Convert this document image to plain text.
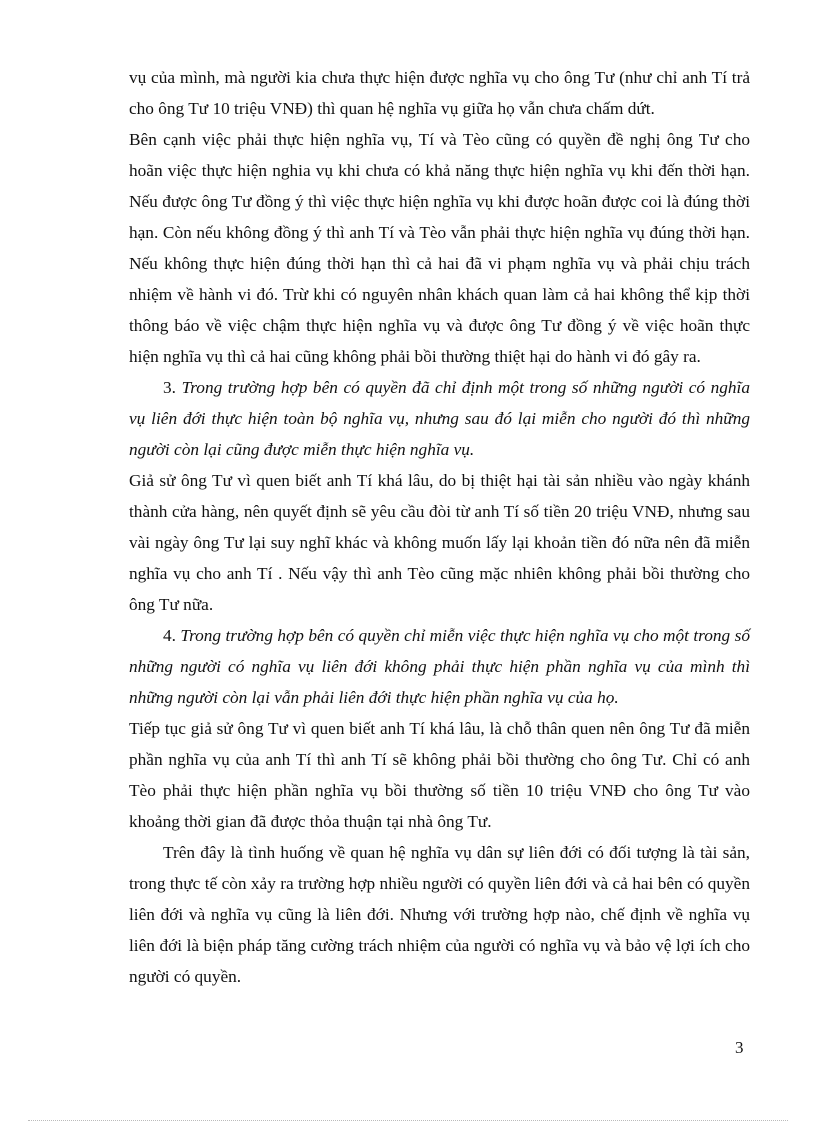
vụ của mình, mà người kia chưa thực hiện được nghĩa vụ cho ông Tư (như chỉ anh Tí trả cho ông Tư 10 triệu VNĐ) thì quan hệ nghĩa vụ giữa họ vẫn chưa chấm dứt.

Bên cạnh việc phải thực hiện nghĩa vụ, Tí và Tèo cũng có quyền đề nghị ông Tư cho hoãn việc thực hiện nghia vụ khi chưa có khả năng thực hiện nghĩa vụ khi đến thời hạn. Nếu được ông Tư đồng ý thì việc thực hiện nghĩa vụ khi được hoãn được coi là đúng thời hạn. Còn nếu không đồng ý thì anh Tí và Tèo vẫn phải thực hiện nghĩa vụ đúng thời hạn. Nếu không thực hiện đúng thời hạn thì cả hai đã vi phạm nghĩa vụ và phải chịu trách nhiệm về hành vi đó. Trừ khi có nguyên nhân khách quan làm cả hai không thể kịp thời thông báo về việc chậm thực hiện nghĩa vụ và được ông Tư đồng ý về việc hoãn thực hiện nghĩa vụ thì cả hai cũng không phải bồi thường thiệt hại do hành vi đó gây ra.

3. Trong trường hợp bên có quyền đã chỉ định một trong số những người có nghĩa vụ liên đới thực hiện toàn bộ nghĩa vụ, nhưng sau đó lại miễn cho người đó thì những người còn lại cũng được miễn thực hiện nghĩa vụ.

Giả sử ông Tư vì quen biết anh Tí khá lâu, do bị thiệt hại tài sản nhiều vào ngày khánh thành cửa hàng, nên quyết định sẽ yêu cầu đòi từ anh Tí số tiền 20 triệu VNĐ, nhưng sau vài ngày ông Tư lại suy nghĩ khác và không muốn lấy lại khoản tiền đó nữa nên đã miễn nghĩa vụ cho anh Tí . Nếu vậy thì anh Tèo cũng mặc nhiên không phải bồi thường cho ông Tư nữa.

4. Trong trường hợp bên có quyền chỉ miễn việc thực hiện nghĩa vụ cho một trong số những người có nghĩa vụ liên đới không phải thực hiện phần nghĩa vụ của mình thì những người còn lại vẫn phải liên đới thực hiện phần nghĩa vụ của họ.

Tiếp tục giả sử ông Tư vì quen biết anh Tí khá lâu, là chỗ thân quen nên ông Tư đã miễn phần nghĩa vụ của anh Tí thì anh Tí sẽ không phải bồi thường cho ông Tư. Chỉ có anh Tèo phải thực hiện phần nghĩa vụ bồi thường số tiền 10 triệu VNĐ cho ông Tư vào khoảng thời gian đã được thỏa thuận tại nhà ông Tư.

Trên đây là tình huống về quan hệ nghĩa vụ dân sự liên đới có đối tượng là tài sản, trong thực tế còn xảy ra trường hợp nhiều người có quyền liên đới và cả hai bên có quyền liên đới và nghĩa vụ cũng là liên đới. Nhưng với trường hợp nào, chế định về nghĩa vụ liên đới là biện pháp tăng cường trách nhiệm của người có nghĩa vụ và bảo vệ lợi ích cho người có quyền.

3
